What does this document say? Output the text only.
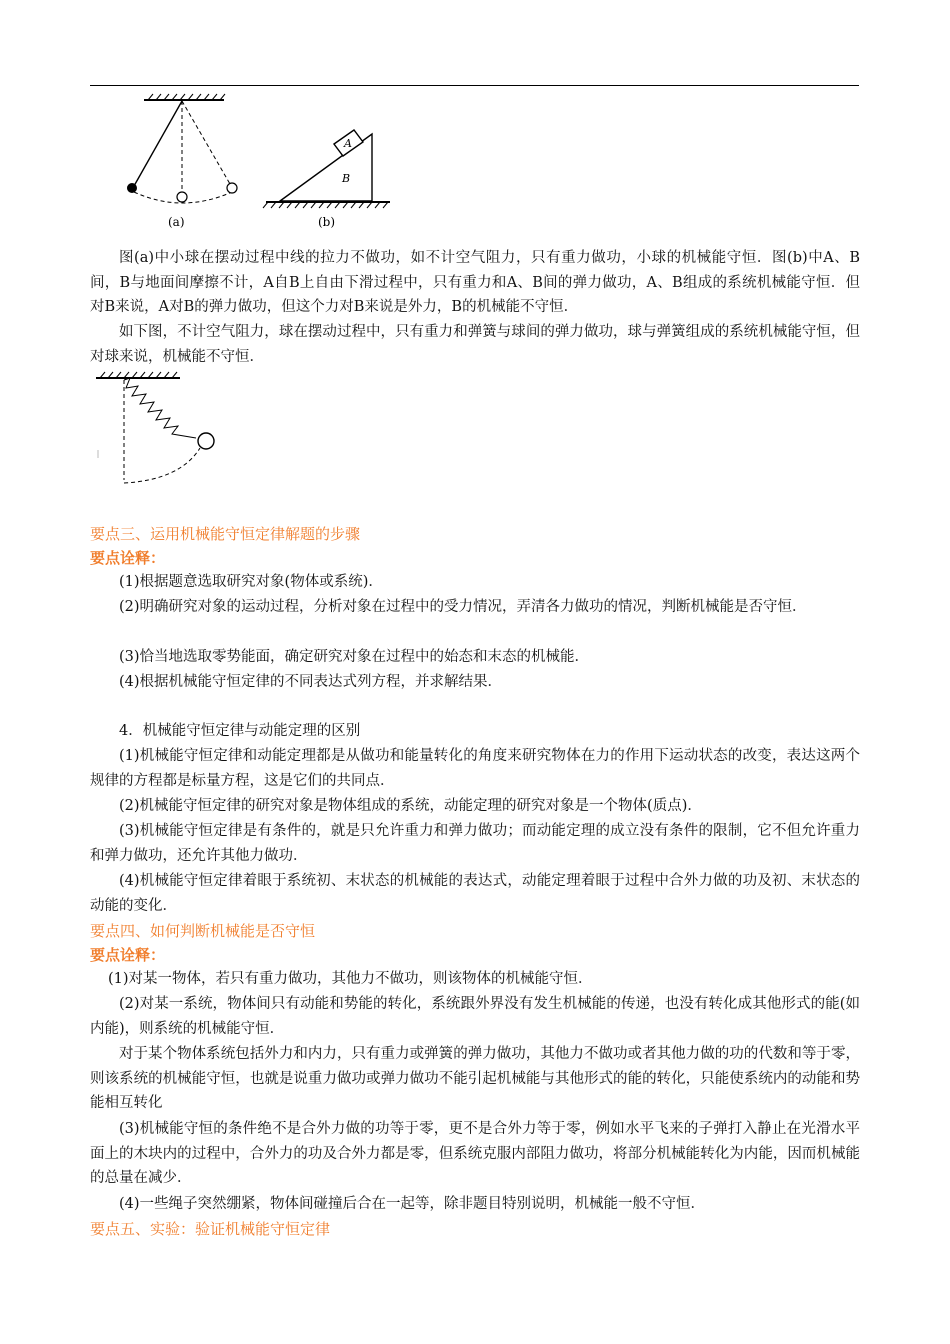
(a)
A
B
(b)

图(a)中小球在摆动过程中线的拉力不做功，如不计空气阻力，只有重力做功，小球的机械能守恒．图(b)中A、B间，B与地面间摩擦不计，A自B上自由下滑过程中，只有重力和A、B间的弹力做功，A、B组成的系统机械能守恒．但对B来说，A对B的弹力做功，但这个力对B来说是外力，B的机械能不守恒．

如下图，不计空气阻力，球在摆动过程中，只有重力和弹簧与球间的弹力做功，球与弹簧组成的系统机械能守恒，但对球来说，机械能不守恒．

要点三、运用机械能守恒定律解题的步骤

要点诠释：

(1)根据题意选取研究对象(物体或系统)．

(2)明确研究对象的运动过程，分析对象在过程中的受力情况，弄清各力做功的情况，判断机械能是否守恒．

(3)恰当地选取零势能面，确定研究对象在过程中的始态和末态的机械能．

(4)根据机械能守恒定律的不同表达式列方程，并求解结果．

4．机械能守恒定律与动能定理的区别

(1)机械能守恒定律和动能定理都是从做功和能量转化的角度来研究物体在力的作用下运动状态的改变，表达这两个规律的方程都是标量方程，这是它们的共同点．

(2)机械能守恒定律的研究对象是物体组成的系统，动能定理的研究对象是一个物体(质点)．

(3)机械能守恒定律是有条件的，就是只允许重力和弹力做功；而动能定理的成立没有条件的限制，它不但允许重力和弹力做功，还允许其他力做功．

(4)机械能守恒定律着眼于系统初、末状态的机械能的表达式，动能定理着眼于过程中合外力做的功及初、末状态的动能的变化．

要点四、如何判断机械能是否守恒

要点诠释：

(1)对某一物体，若只有重力做功，其他力不做功，则该物体的机械能守恒．

(2)对某一系统，物体间只有动能和势能的转化，系统跟外界没有发生机械能的传递，也没有转化成其他形式的能(如内能)，则系统的机械能守恒．

对于某个物体系统包括外力和内力，只有重力或弹簧的弹力做功，其他力不做功或者其他力做的功的代数和等于零，则该系统的机械能守恒，也就是说重力做功或弹力做功不能引起机械能与其他形式的能的转化，只能使系统内的动能和势能相互转化

(3)机械能守恒的条件绝不是合外力做的功等于零，更不是合外力等于零，例如水平飞来的子弹打入静止在光滑水平面上的木块内的过程中，合外力的功及合外力都是零，但系统克服内部阻力做功，将部分机械能转化为内能，因而机械能的总量在减少．

(4)一些绳子突然绷紧，物体间碰撞后合在一起等，除非题目特别说明，机械能一般不守恒．

要点五、实验：验证机械能守恒定律
